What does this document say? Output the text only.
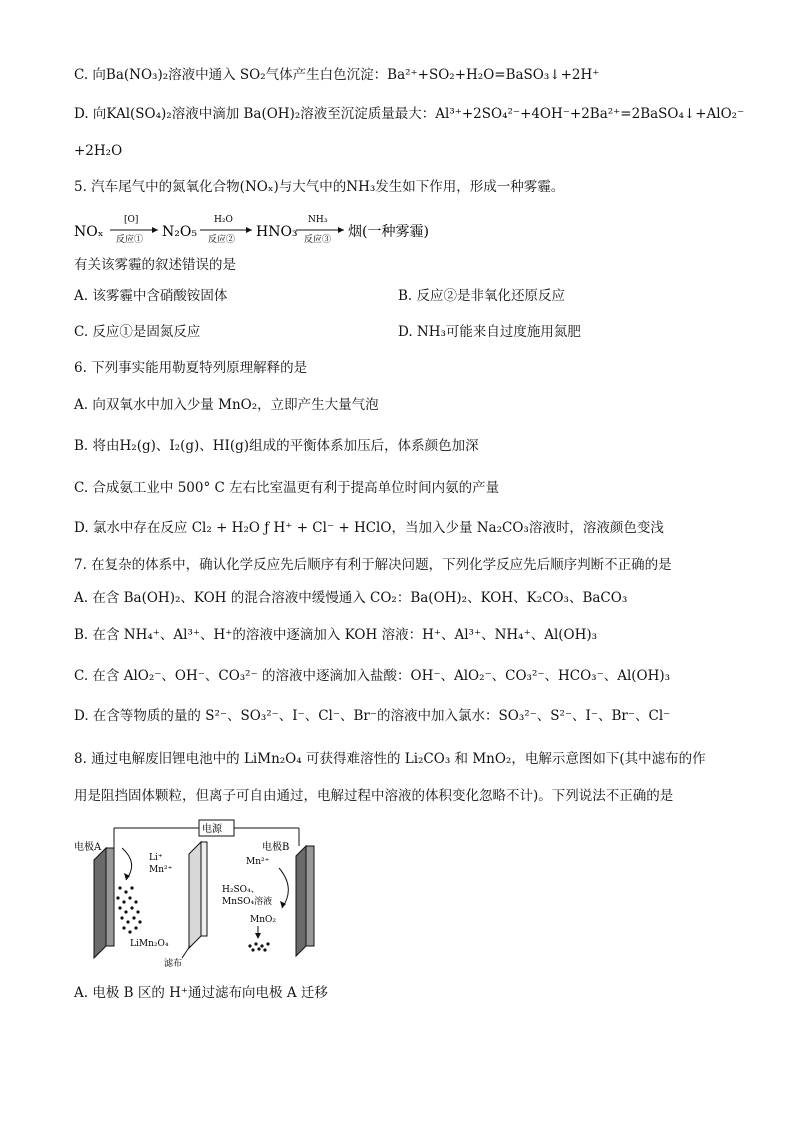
C. 向Ba(NO₃)₂溶液中通入 SO₂气体产生白色沉淀：Ba²⁺+SO₂+H₂O=BaSO₃↓+2H⁺
D. 向KAl(SO₄)₂溶液中滴加 Ba(OH)₂溶液至沉淀质量最大：Al³⁺+2SO₄²⁻+4OH⁻+2Ba²⁺=2BaSO₄↓+AlO₂⁻
+2H₂O
5. 汽车尾气中的氮氧化合物(NOₓ)与大气中的NH₃发生如下作用，形成一种雾霾。
NOₓ
[O]
反应① N₂O₅
H₂O
反应② HNO₃
NH₃
反应③ 烟(一种雾霾)
有关该雾霾的叙述错误的是
A. 该雾霾中含硝酸铵固体	B. 反应②是非氧化还原反应
C. 反应①是固氮反应	D. NH₃可能来自过度施用氮肥
6. 下列事实能用勒夏特列原理解释的是
A. 向双氧水中加入少量 MnO₂，立即产生大量气泡
B. 将由H₂(g)、I₂(g)、HI(g)组成的平衡体系加压后，体系颜色加深
C. 合成氨工业中 500° C 左右比室温更有利于提高单位时间内氨的产量
D. 氯水中存在反应 Cl₂ + H₂O ƒ H⁺ + Cl⁻ + HClO，当加入少量 Na₂CO₃溶液时，溶液颜色变浅
7. 在复杂的体系中，确认化学反应先后顺序有利于解决问题，下列化学反应先后顺序判断不正确的是
A. 在含 Ba(OH)₂、KOH 的混合溶液中缓慢通入 CO₂：Ba(OH)₂、KOH、K₂CO₃、BaCO₃
B. 在含 NH₄⁺、Al³⁺、H⁺的溶液中逐滴加入 KOH 溶液：H⁺、Al³⁺、NH₄⁺、Al(OH)₃
C. 在含 AlO₂⁻、OH⁻、CO₃²⁻ 的溶液中逐滴加入盐酸：OH⁻、AlO₂⁻、CO₃²⁻、HCO₃⁻、Al(OH)₃
D. 在含等物质的量的 S²⁻、SO₃²⁻、I⁻、Cl⁻、Br⁻的溶液中加入氯水：SO₃²⁻、S²⁻、I⁻、Br⁻、Cl⁻
8. 通过电解废旧锂电池中的 LiMn₂O₄ 可获得难溶性的 Li₂CO₃ 和 MnO₂，电解示意图如下(其中滤布的作
用是阻挡固体颗粒，但离子可自由通过，电解过程中溶液的体积变化忽略不计)。下列说法不正确的是
电源
电极A
Li⁺
Mn²⁺
LiMn₂O₄
滤布
电极B
Mn²⁺
H₂SO₄、
MnSO₄溶液
MnO₂
A. 电极 B 区的 H⁺通过滤布向电极 A 迁移
